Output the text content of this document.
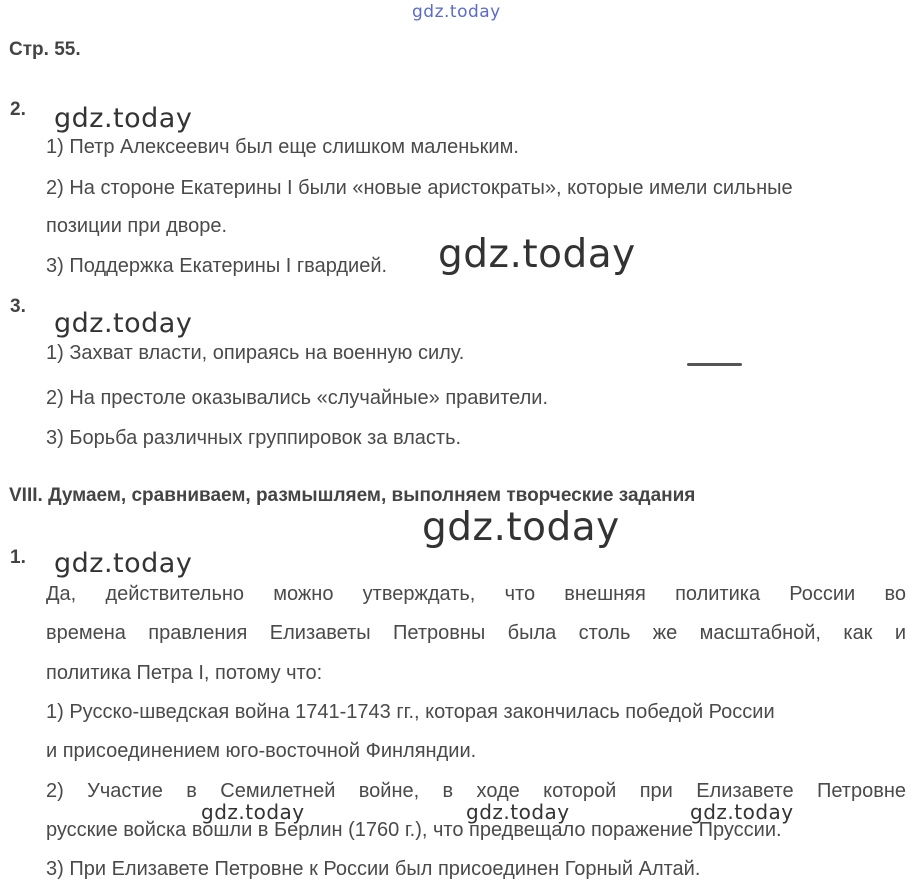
gdz.today
gdz.today
gdz.today
gdz.today
gdz.today
gdz.today
gdz.today	gdz.today	gdz.today
Стр. 55.
2.
1) Петр Алексеевич был еще слишком маленьким.
2) На стороне Екатерины I были «новые аристократы», которые имели сильные
позиции при дворе.
3) Поддержка Екатерины I гвардией.
3.
1) Захват власти, опираясь на военную силу.
2) На престоле оказывались «случайные» правители.
3) Борьба различных группировок за власть.
VIII. Думаем, сравниваем, размышляем, выполняем творческие задания
1.
Да, действительно можно утверждать, что внешняя политика России во
времена правления Елизаветы Петровны была столь же масштабной, как и
политика Петра I, потому что:
1) Русско-шведская война 1741-1743 гг., которая закончилась победой России
и присоединением юго-восточной Финляндии.
2) Участие в Семилетней войне, в ходе которой при Елизавете Петровне
русские войска вошли в Берлин (1760 г.), что предвещало поражение Пруссии.
3) При Елизавете Петровне к России был присоединен Горный Алтай.
